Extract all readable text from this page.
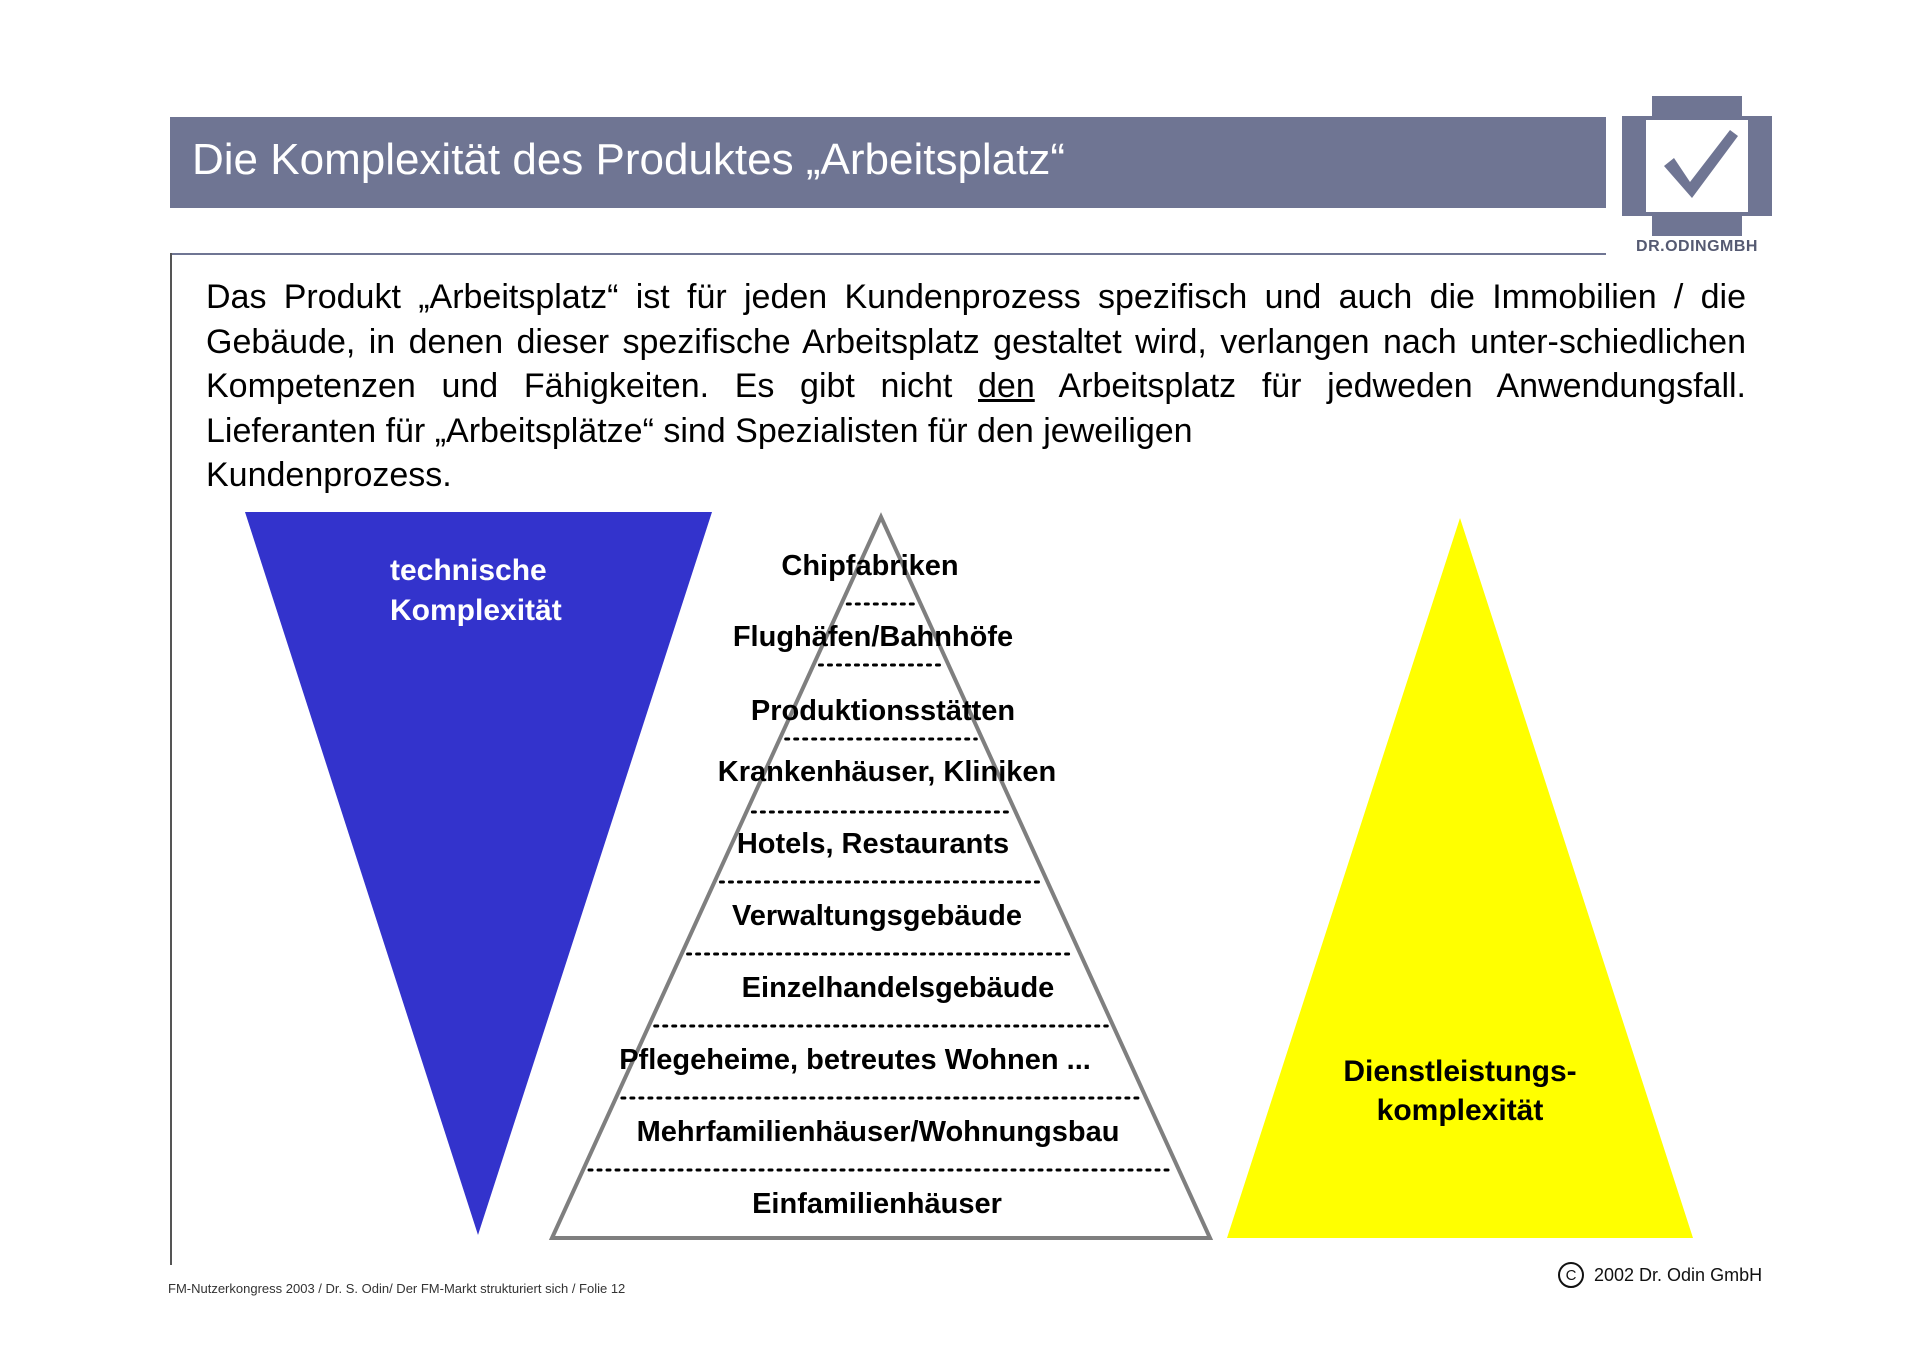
Die Komplexität des Produktes „Arbeitsplatz“
DR.ODINGMBH
Das Produkt „Arbeitsplatz“ ist für jeden Kundenprozess spezifisch und auch die Immobilien / die Gebäude, in denen dieser spezifische Arbeitsplatz gestaltet wird, verlangen nach unter-schiedlichen Kompetenzen und Fähigkeiten. Es gibt nicht den Arbeitsplatz für jedweden Anwendungsfall. Lieferanten für „Arbeitsplätze“ sind Spezialisten für den jeweiligen
Kundenprozess.
technische
Komplexität
Dienstleistungs-
komplexität
Chipfabriken
Flughäfen/Bahnhöfe
Produktionsstätten
Krankenhäuser, Kliniken
Hotels, Restaurants
Verwaltungsgebäude
Einzelhandelsgebäude
Pflegeheime, betreutes Wohnen ...
Mehrfamilienhäuser/Wohnungsbau
Einfamilienhäuser
FM-Nutzerkongress 2003 / Dr. S. Odin/ Der FM-Markt strukturiert sich / Folie 12
C 2002 Dr. Odin GmbH
